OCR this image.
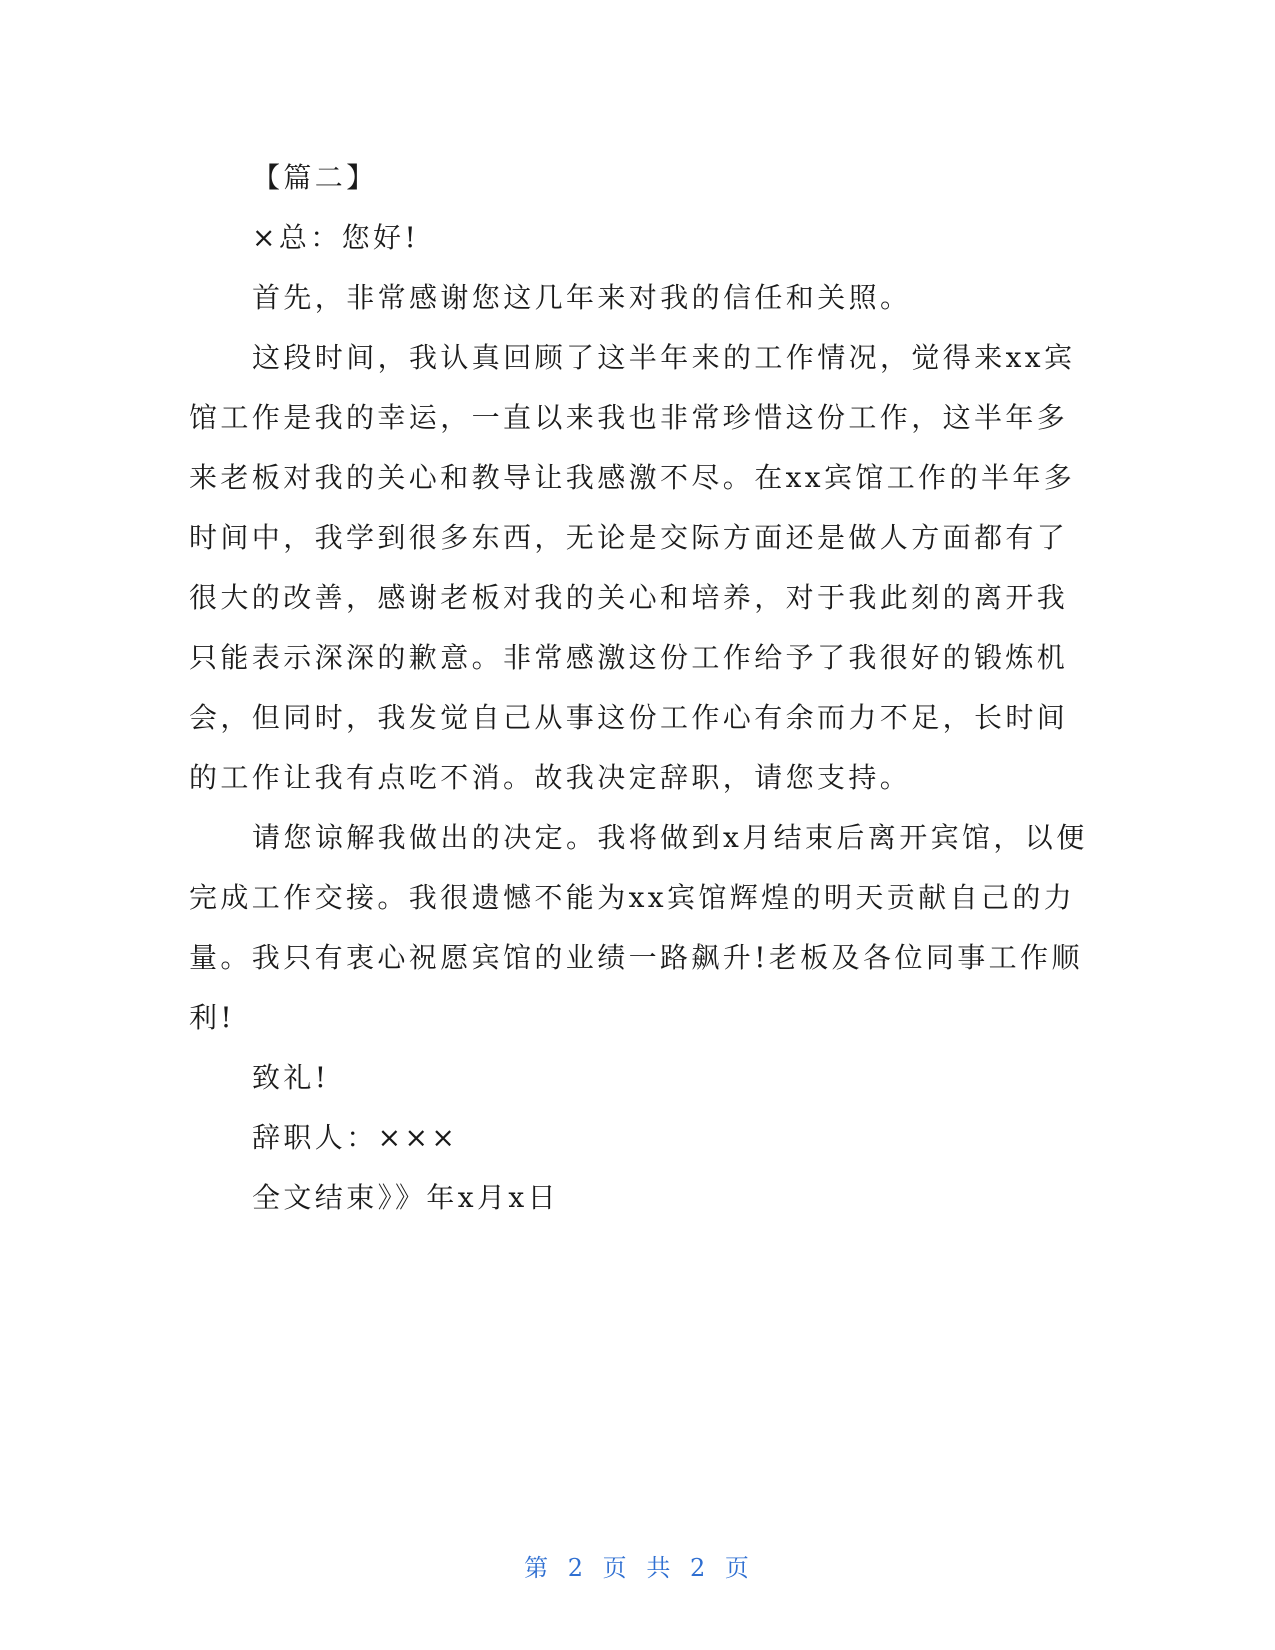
【篇二】

×总：您好!

首先，非常感谢您这几年来对我的信任和关照。

这段时间，我认真回顾了这半年来的工作情况，觉得来xx宾

馆工作是我的幸运，一直以来我也非常珍惜这份工作，这半年多

来老板对我的关心和教导让我感激不尽。在xx宾馆工作的半年多

时间中，我学到很多东西，无论是交际方面还是做人方面都有了

很大的改善，感谢老板对我的关心和培养，对于我此刻的离开我

只能表示深深的歉意。非常感激这份工作给予了我很好的锻炼机

会，但同时，我发觉自己从事这份工作心有余而力不足，长时间

的工作让我有点吃不消。故我决定辞职，请您支持。

请您谅解我做出的决定。我将做到x月结束后离开宾馆，以便

完成工作交接。我很遗憾不能为xx宾馆辉煌的明天贡献自己的力

量。我只有衷心祝愿宾馆的业绩一路飙升!老板及各位同事工作顺

利!

致礼!

辞职人：×××

全文结束》》年x月x日

第 2 页 共 2 页
